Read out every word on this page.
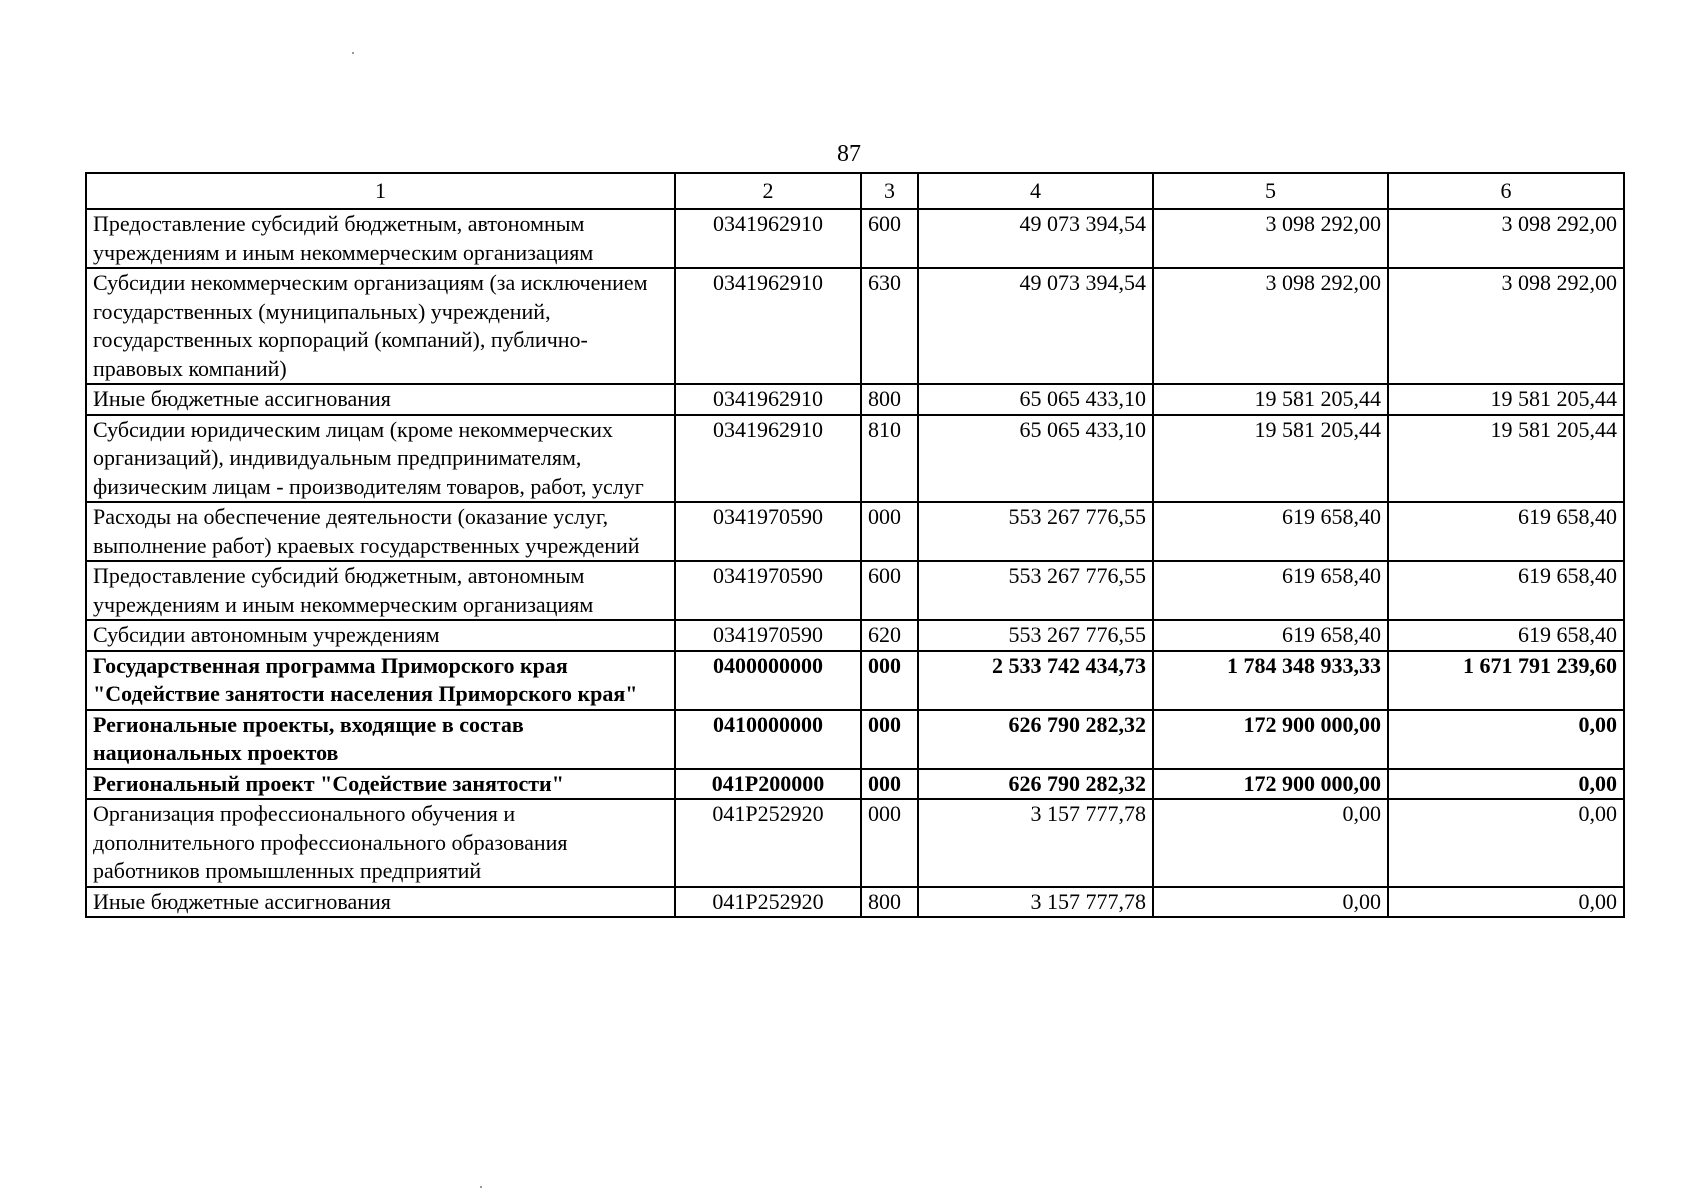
87
1	2	3	4	5	6
Предоставление субсидий бюджетным, автономным учреждениям и иным некоммерческим организациям	0341962910	600	49 073 394,54	3 098 292,00	3 098 292,00
Субсидии некоммерческим организациям (за исключением государственных (муниципальных) учреждений, государственных корпораций (компаний), публично-правовых компаний)	0341962910	630	49 073 394,54	3 098 292,00	3 098 292,00
Иные бюджетные ассигнования	0341962910	800	65 065 433,10	19 581 205,44	19 581 205,44
Субсидии юридическим лицам (кроме некоммерческих организаций), индивидуальным предпринимателям, физическим лицам - производителям товаров, работ, услуг	0341962910	810	65 065 433,10	19 581 205,44	19 581 205,44
Расходы на обеспечение деятельности (оказание услуг, выполнение работ) краевых государственных учреждений	0341970590	000	553 267 776,55	619 658,40	619 658,40
Предоставление субсидий бюджетным, автономным учреждениям и иным некоммерческим организациям	0341970590	600	553 267 776,55	619 658,40	619 658,40
Субсидии автономным учреждениям	0341970590	620	553 267 776,55	619 658,40	619 658,40
Государственная программа Приморского края "Содействие занятости населения Приморского края"	0400000000	000	2 533 742 434,73	1 784 348 933,33	1 671 791 239,60
Региональные проекты, входящие в состав национальных проектов	0410000000	000	626 790 282,32	172 900 000,00	0,00
Региональный проект "Содействие занятости"	041P200000	000	626 790 282,32	172 900 000,00	0,00
Организация профессионального обучения и дополнительного профессионального образования работников промышленных предприятий	041P252920	000	3 157 777,78	0,00	0,00
Иные бюджетные ассигнования	041P252920	800	3 157 777,78	0,00	0,00
